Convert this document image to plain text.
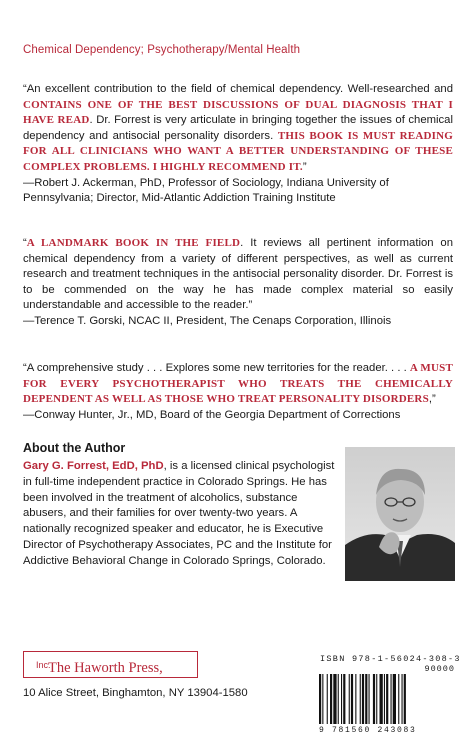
Chemical Dependency; Psychotherapy/Mental Health
“An excellent contribution to the field of chemical dependency. Well-researched and CONTAINS ONE OF THE BEST DISCUSSIONS OF DUAL DIAGNOSIS THAT I HAVE READ. Dr. Forrest is very articulate in bringing together the issues of chemical dependency and antisocial personality disorders. THIS BOOK IS MUST READING FOR ALL CLINICIANS WHO WANT A BETTER UNDERSTANDING OF THESE COMPLEX PROBLEMS. I HIGHLY RECOMMEND IT.”
—Robert J. Ackerman, PhD, Professor of Sociology, Indiana University of Pennsylvania; Director, Mid-Atlantic Addiction Training Institute
“A LANDMARK BOOK IN THE FIELD. It reviews all pertinent information on chemical dependency from a variety of different perspectives, as well as current research and treatment techniques in the antisocial personality disorder. Dr. Forrest is to be commended on the way he has made complex material so easily understandable and accessible to the reader.”
—Terence T. Gorski, NCAC II, President, The Cenaps Corporation, Illinois
“A comprehensive study . . . Explores some new territories for the reader. . . . A MUST FOR EVERY PSYCHOTHERAPIST WHO TREATS THE CHEMICALLY DEPENDENT AS WELL AS THOSE WHO TREAT PERSONALITY DISORDERS,”
—Conway Hunter, Jr., MD, Board of the Georgia Department of Corrections
About the Author
Gary G. Forrest, EdD, PhD, is a licensed clinical psychologist in full-time independent practice in Colorado Springs. He has been involved in the treatment of alcoholics, substance abusers, and their families for over twenty-two years. A nationally recognized speaker and educator, he is Executive Director of Psychotherapy Associates, PC and the Institute for Addictive Behavioral Change in Colorado Springs, Colorado.
The Haworth Press,
Inc.
10 Alice Street, Binghamton, NY 13904-1580
ISBN 978-1-56024-308-3
90000
9 781560 243083
